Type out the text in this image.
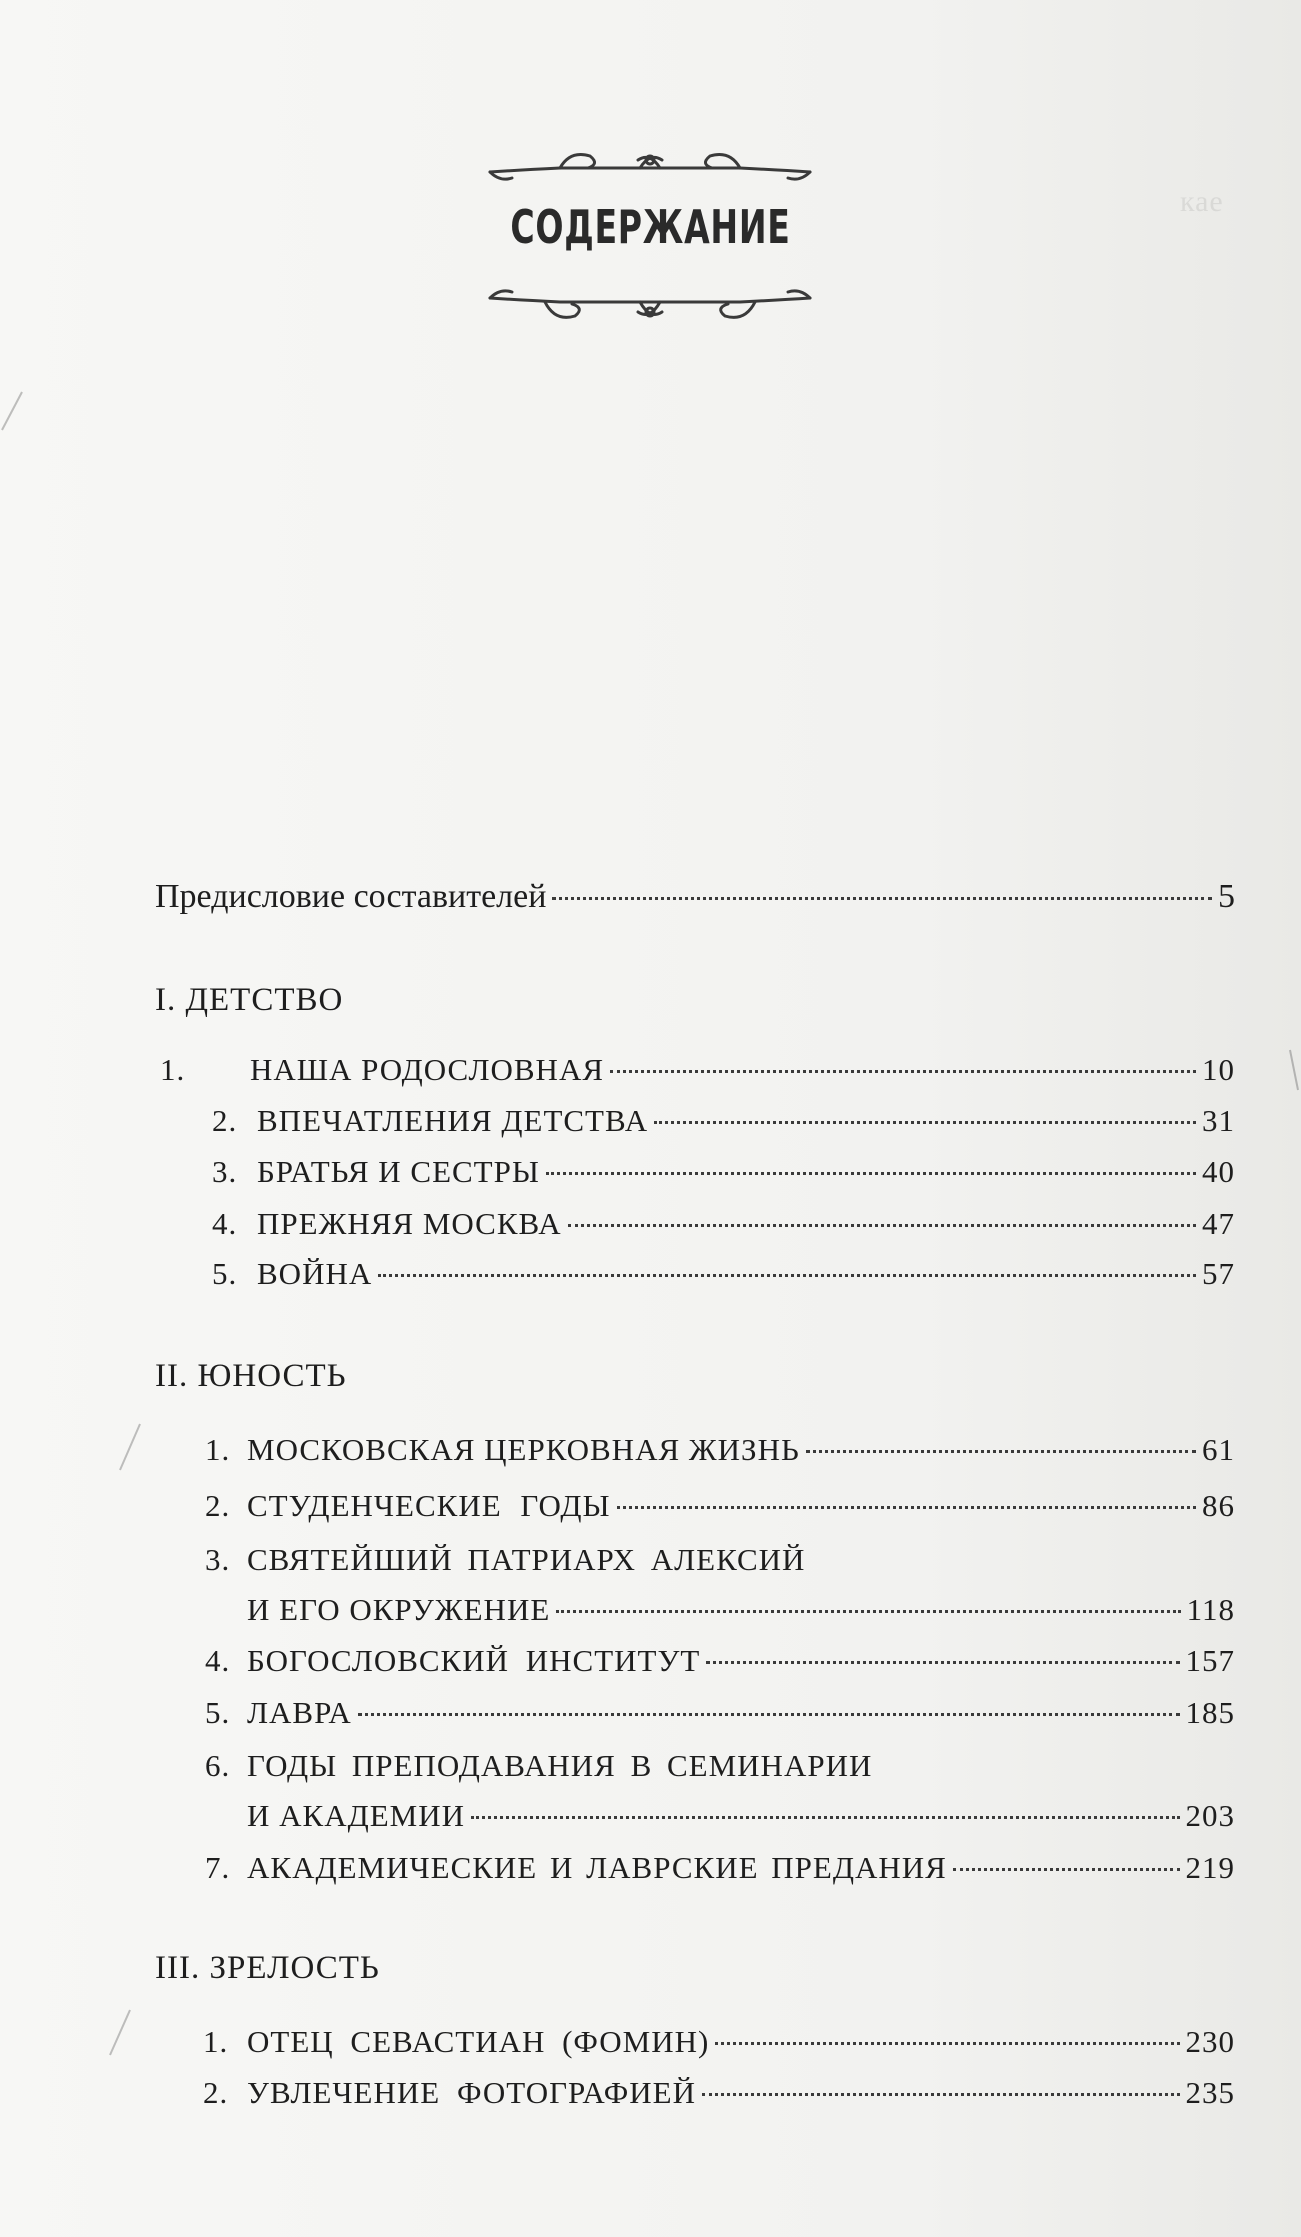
кае
СОДЕРЖАНИЕ
Предисловие составителей	5
I. ДЕТСТВО
1.	НАША РОДОСЛОВНАЯ	10
2. ВПЕЧАТЛЕНИЯ ДЕТСТВА	31
3. БРАТЬЯ И СЕСТРЫ	40
4. ПРЕЖНЯЯ МОСКВА	47
5. ВОЙНА	57
II. ЮНОСТЬ
1. МОСКОВСКАЯ ЦЕРКОВНАЯ ЖИЗНЬ	61
2. СТУДЕНЧЕСКИЕ ГОДЫ	86
3. СВЯТЕЙШИЙ ПАТРИАРХ АЛЕКСИЙ
И ЕГО ОКРУЖЕНИЕ	118
4. БОГОСЛОВСКИЙ ИНСТИТУТ	157
5. ЛАВРА	185
6. ГОДЫ ПРЕПОДАВАНИЯ В СЕМИНАРИИ
И АКАДЕМИИ	203
7. АКАДЕМИЧЕСКИЕ И ЛАВРСКИЕ ПРЕДАНИЯ	219
III. ЗРЕЛОСТЬ
1. ОТЕЦ СЕВАСТИАН (ФОМИН)	230
2. УВЛЕЧЕНИЕ ФОТОГРАФИЕЙ	235
